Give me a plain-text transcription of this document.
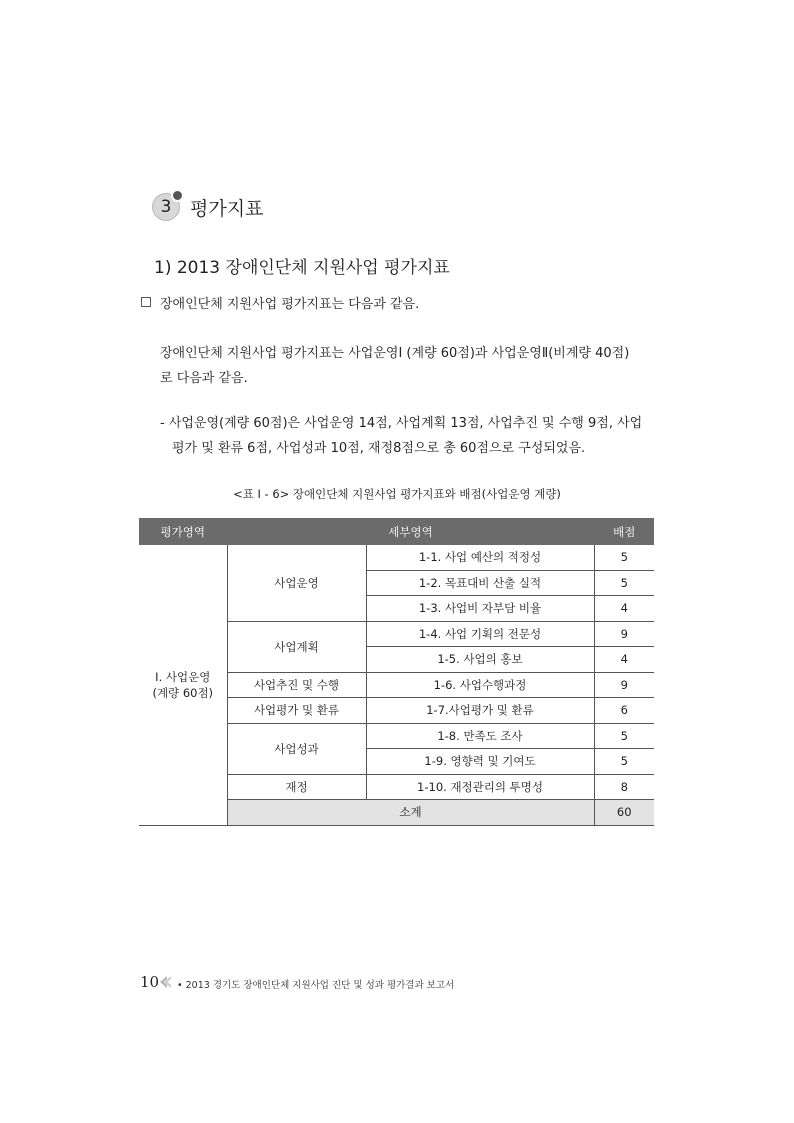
3 평가지표
1) 2013 장애인단체 지원사업 평가지표
장애인단체 지원사업 평가지표는 다음과 같음.
장애인단체 지원사업 평가지표는 사업운영Ⅰ (계량 60점)과 사업운영Ⅱ(비계량 40점)
로 다음과 같음.
- 사업운영(계량 60점)은 사업운영 14점, 사업계획 13점, 사업추진 및 수행 9점, 사업
평가 및 환류 6점, 사업성과 10점, 재정8점으로 총 60점으로 구성되었음.
<표 Ⅰ - 6> 장애인단체 지원사업 평가지표와 배점(사업운영 계량)
평가영역	세부영역		배점

Ⅰ. 사업운영
(계량 60점)	사업운영	1-1. 사업 예산의 적정성	5
		1-2. 목표대비 산출 실적	5
		1-3. 사업비 자부담 비율	4
	사업계획	1-4. 사업 기획의 전문성	9
		1-5. 사업의 홍보	4
	사업추진 및 수행	1-6. 사업수행과정	9
	사업평가 및 환류	1-7.사업평가 및 환류	6
	사업성과	1-8. 만족도 조사	5
		1-9. 영향력 및 기여도	5
	재정	1-10. 재정관리의 투명성	8
	소계		60
10 • 2013 경기도 장애인단체 지원사업 진단 및 성과 평가결과 보고서
